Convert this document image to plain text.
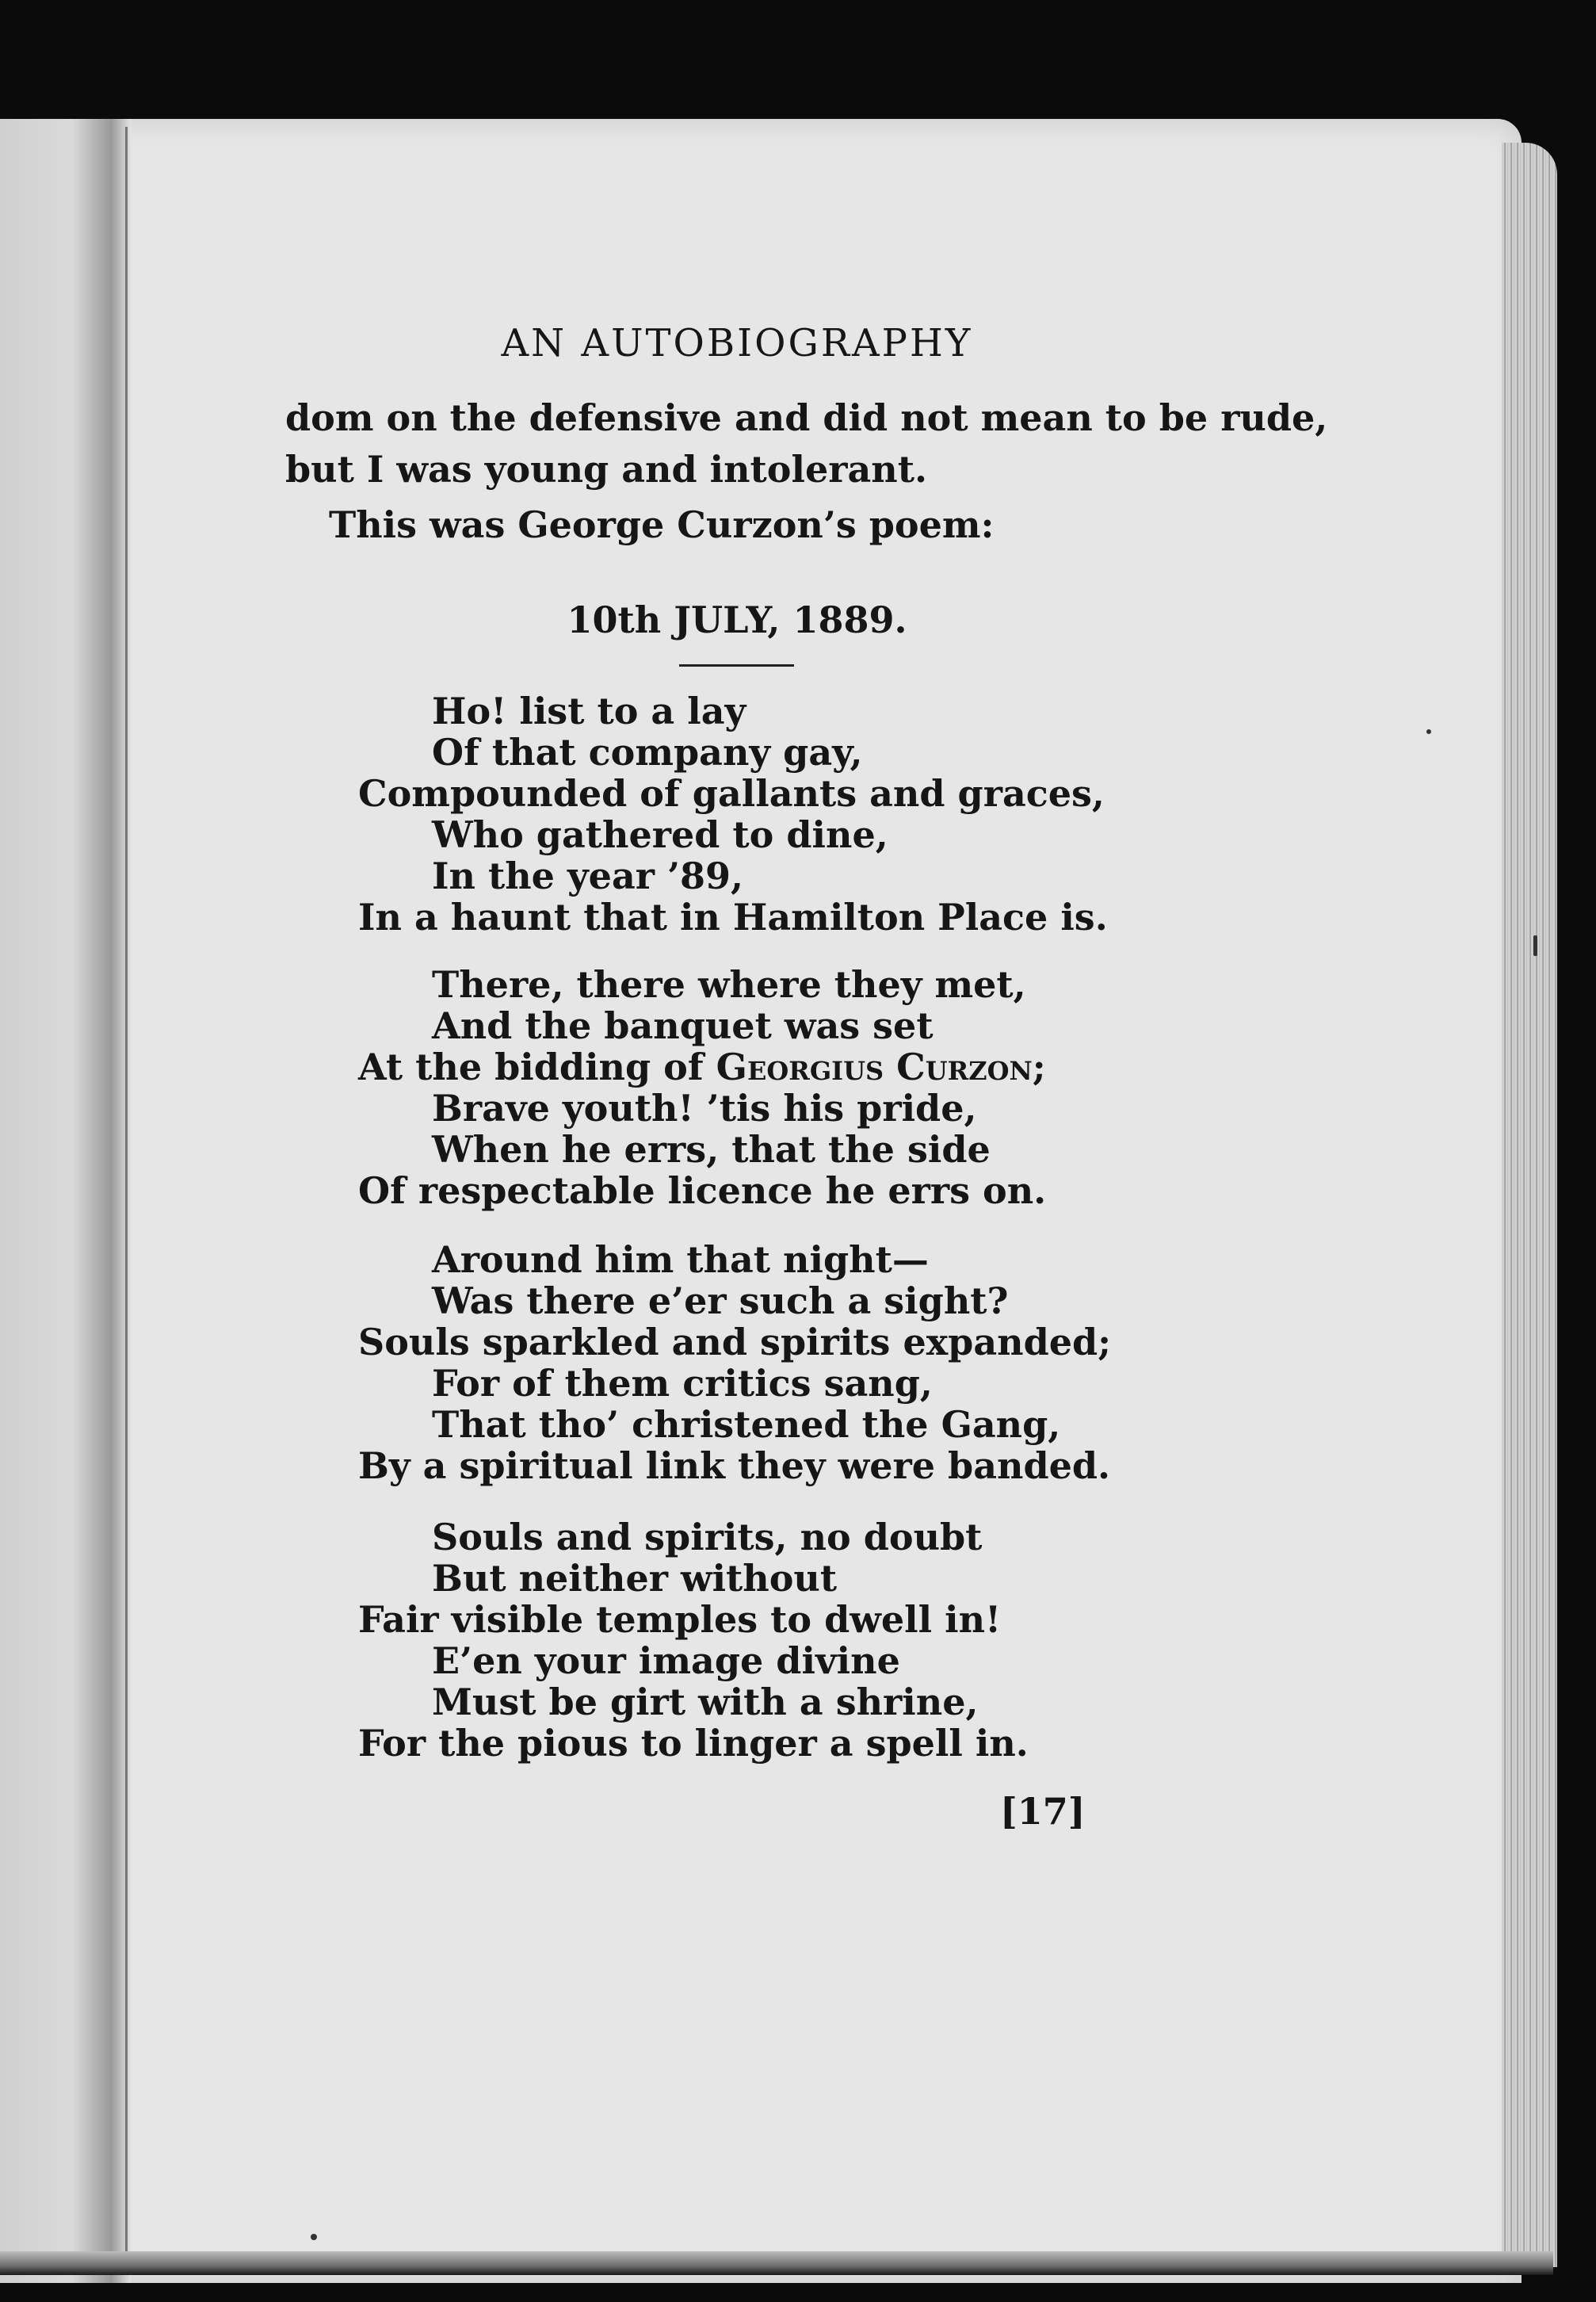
AN AUTOBIOGRAPHY

dom on the defensive and did not mean to be rude,

but I was young and intolerant.

This was George Curzon’s poem:

10th JULY, 1889.

Ho! list to a lay

Of that company gay,

Compounded of gallants and graces,

Who gathered to dine,

In the year ’89,

In a haunt that in Hamilton Place is.

There, there where they met,

And the banquet was set

At the bidding of Georgius Curzon;

Brave youth! ’tis his pride,

When he errs, that the side

Of respectable licence he errs on.

Around him that night—

Was there e’er such a sight?

Souls sparkled and spirits expanded;

For of them critics sang,

That tho’ christened the Gang,

By a spiritual link they were banded.

Souls and spirits, no doubt

But neither without

Fair visible temples to dwell in!

E’en your image divine

Must be girt with a shrine,

For the pious to linger a spell in.

[17]
